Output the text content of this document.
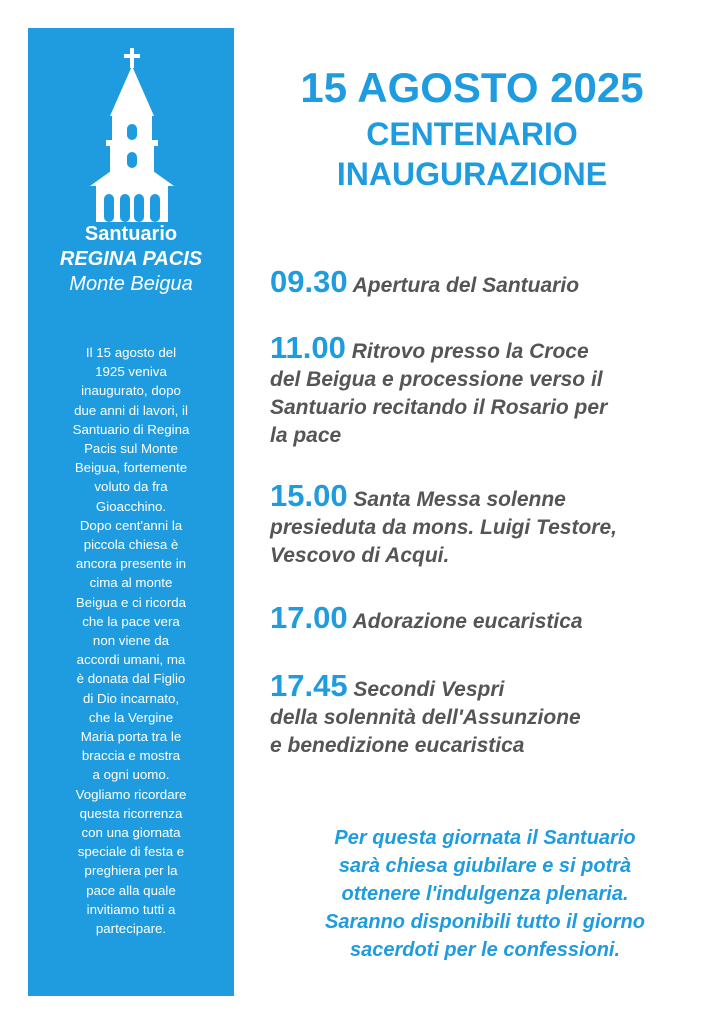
Santuario
REGINA PACIS
Monte Beigua
Il 15 agosto del
1925 veniva
inaugurato, dopo
due anni di lavori, il
Santuario di Regina
Pacis sul Monte
Beigua, fortemente
voluto da fra
Gioacchino.
Dopo cent'anni la
piccola chiesa è
ancora presente in
cima al monte
Beigua e ci ricorda
che la pace vera
non viene da
accordi umani, ma
è donata dal Figlio
di Dio incarnato,
che la Vergine
Maria porta tra le
braccia e mostra
a ogni uomo.
Vogliamo ricordare
questa ricorrenza
con una giornata
speciale di festa e
preghiera per la
pace alla quale
invitiamo tutti a
partecipare.
15 AGOSTO 2025
CENTENARIO
INAUGURAZIONE
09.30 Apertura del Santuario
11.00 Ritrovo presso la Croce
del Beigua e processione verso il
Santuario recitando il Rosario per
la pace
15.00 Santa Messa solenne
presieduta da mons. Luigi Testore,
Vescovo di Acqui.
17.00 Adorazione eucaristica
17.45 Secondi Vespri
della solennità dell'Assunzione
e benedizione eucaristica
Per questa giornata il Santuario
sarà chiesa giubilare e si potrà
ottenere l'indulgenza plenaria.
Saranno disponibili tutto il giorno
sacerdoti per le confessioni.
